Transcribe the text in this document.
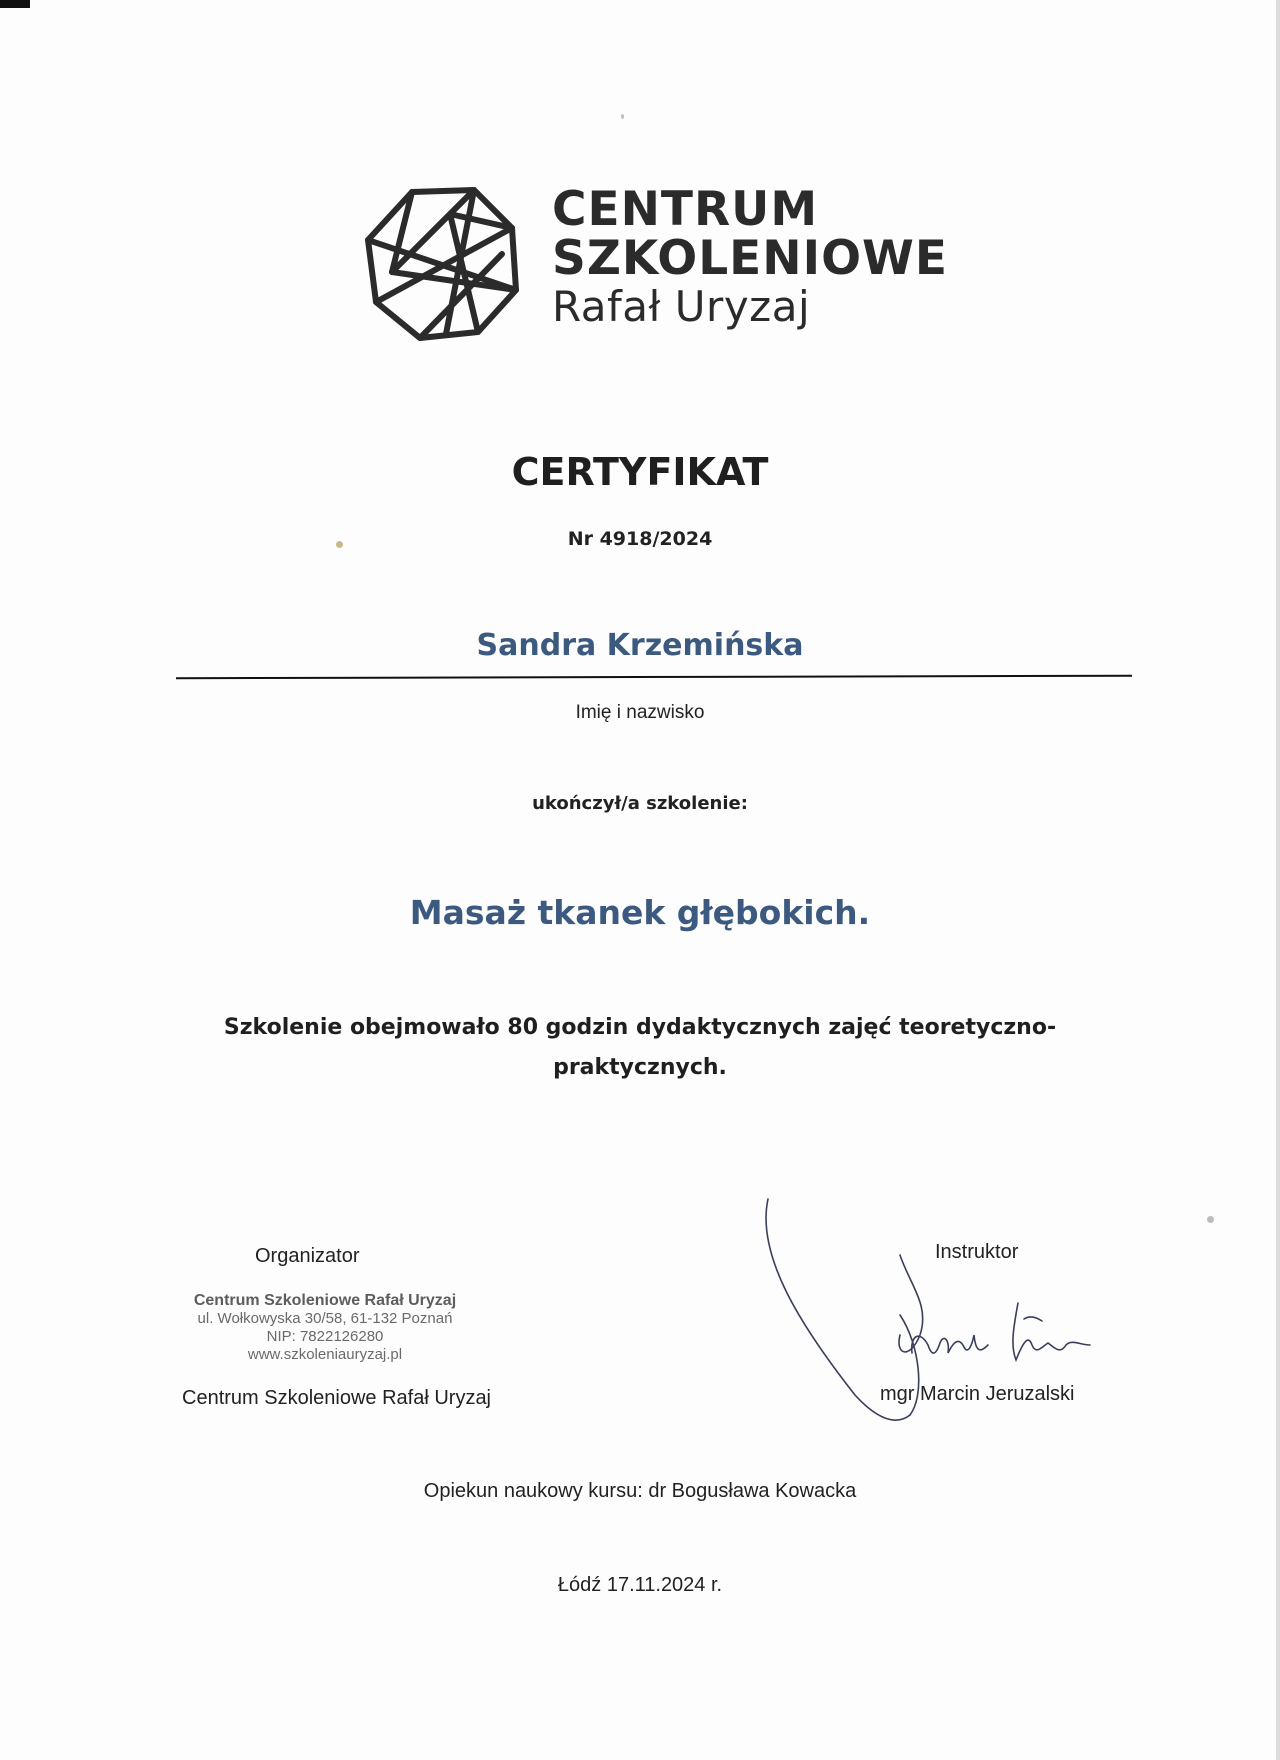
CENTRUM
SZKOLENIOWE
Rafał Uryzaj
CERTYFIKAT
Nr 4918/2024
Sandra Krzemińska
Imię i nazwisko
ukończył/a szkolenie:
Masaż tkanek głębokich.
Szkolenie obejmowało 80 godzin dydaktycznych zajęć teoretyczno-
praktycznych.
Organizator
Centrum Szkoleniowe Rafał Uryzaj
ul. Wołkowyska 30/58, 61-132 Poznań
NIP: 7822126280
www.szkoleniauryzaj.pl
Centrum Szkoleniowe Rafał Uryzaj
Instruktor
mgr Marcin Jeruzalski
Opiekun naukowy kursu: dr Bogusława Kowacka
Łódź 17.11.2024 r.
